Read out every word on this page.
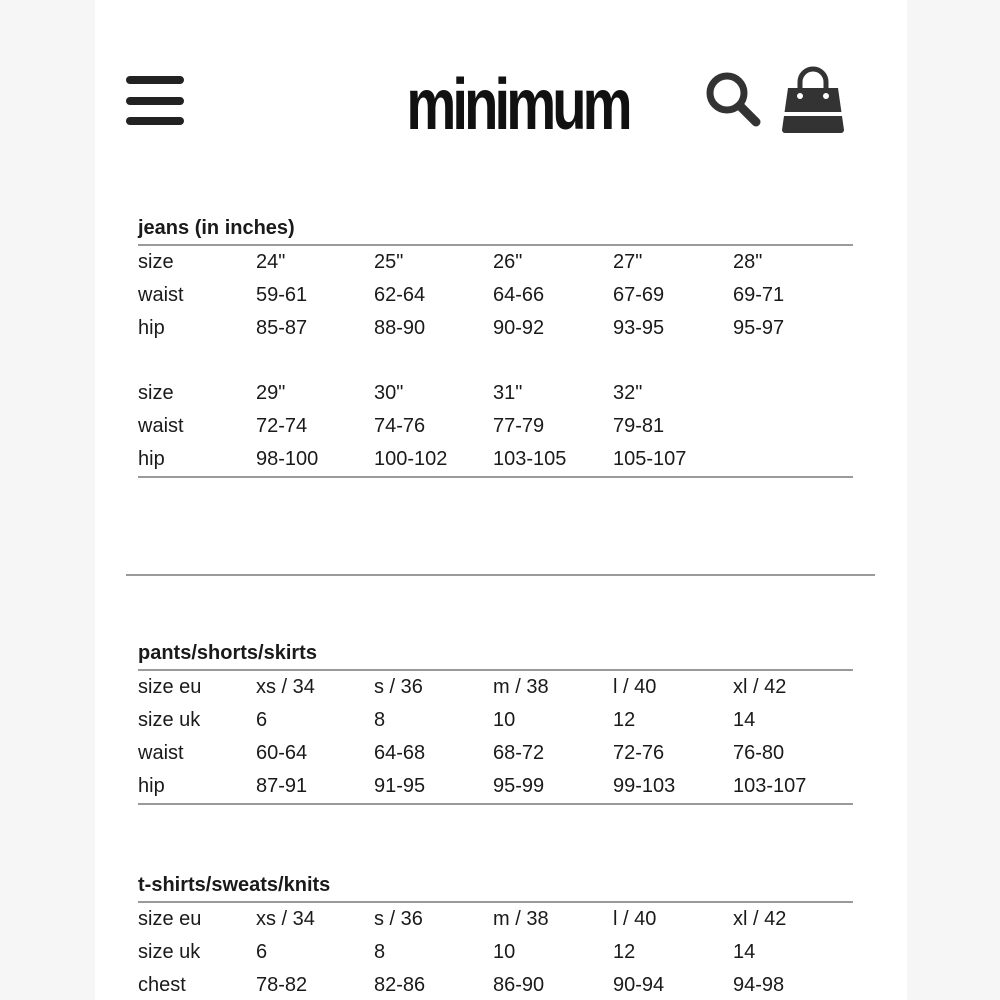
minimum
jeans (in inches)
size	24"	25"	26"	27"	28"
waist	59-61	62-64	64-66	67-69	69-71
hip	85-87	88-90	90-92	93-95	95-97
size	29"	30"	31"	32"
waist	72-74	74-76	77-79	79-81
hip	98-100	100-102 103-105 105-107
pants/shorts/skirts
size eu	xs / 34	s / 36	m / 38	l / 40	xl / 42
size uk	6	8	10	12	14
waist	60-64	64-68	68-72	72-76	76-80
hip	87-91	91-95	95-99	99-103	103-107
t-shirts/sweats/knits
size eu	xs / 34	s / 36	m / 38	l / 40	xl / 42
size uk	6	8	10	12	14
chest	78-82	82-86	86-90	90-94	94-98
